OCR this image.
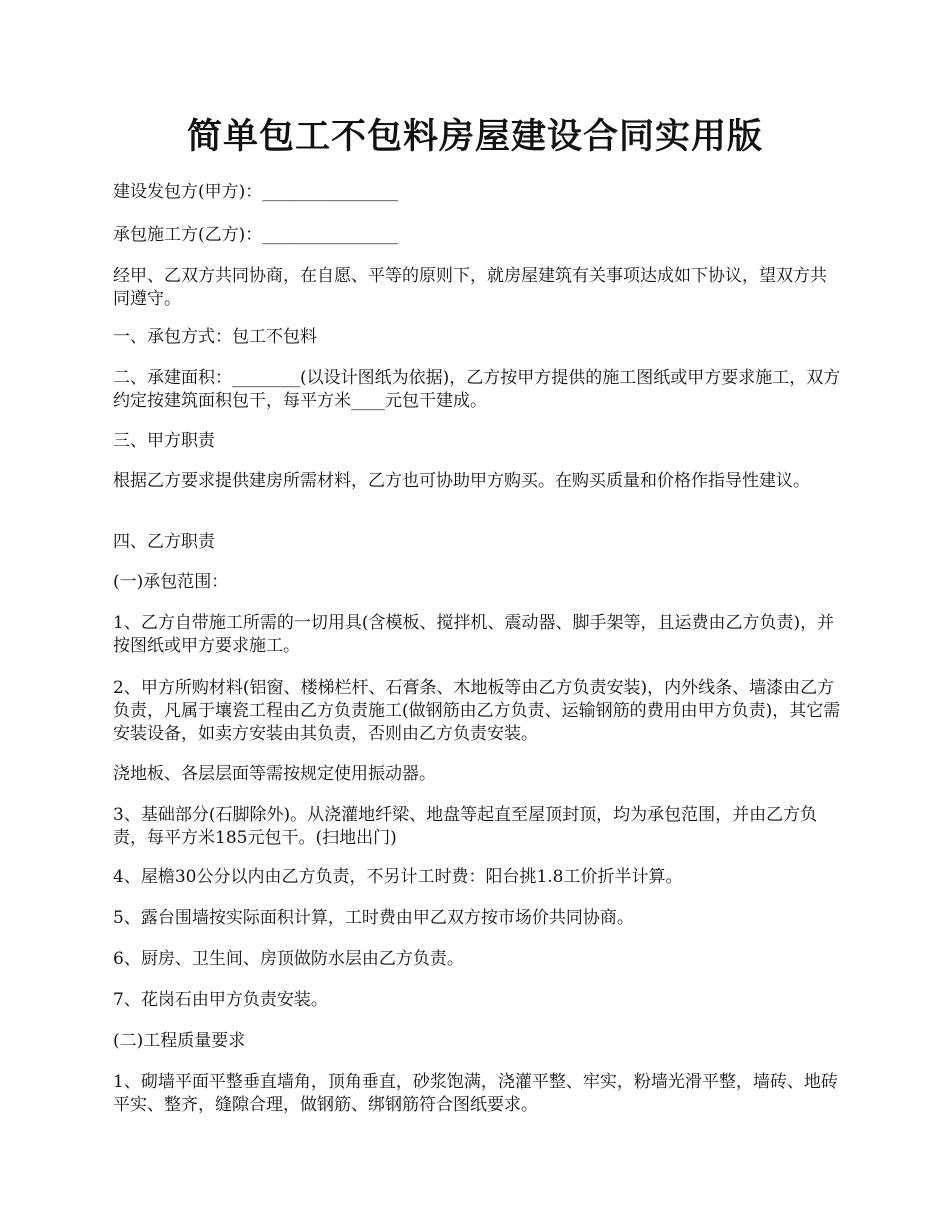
简单包工不包料房屋建设合同实用版

建设发包方(甲方)：________________

承包施工方(乙方)：________________

经甲、乙双方共同协商，在自愿、平等的原则下，就房屋建筑有关事项达成如下协议，望双方共同遵守。

一、承包方式：包工不包料

二、承建面积：________(以设计图纸为依据)，乙方按甲方提供的施工图纸或甲方要求施工，双方约定按建筑面积包干，每平方米____元包干建成。

三、甲方职责

根据乙方要求提供建房所需材料，乙方也可协助甲方购买。在购买质量和价格作指导性建议。

四、乙方职责

(一)承包范围：

1、乙方自带施工所需的一切用具(含模板、搅拌机、震动器、脚手架等，且运费由乙方负责)，并按图纸或甲方要求施工。

2、甲方所购材料(铝窗、楼梯栏杆、石膏条、木地板等由乙方负责安装)，内外线条、墙漆由乙方负责，凡属于壤瓷工程由乙方负责施工(做钢筋由乙方负责、运输钢筋的费用由甲方负责)，其它需安装设备，如卖方安装由其负责，否则由乙方负责安装。

浇地板、各层层面等需按规定使用振动器。

3、基础部分(石脚除外)。从浇灌地纤梁、地盘等起直至屋顶封顶，均为承包范围，并由乙方负责，每平方米185元包干。(扫地出门)

4、屋檐30公分以内由乙方负责，不另计工时费：阳台挑1.8工价折半计算。

5、露台围墙按实际面积计算，工时费由甲乙双方按市场价共同协商。

6、厨房、卫生间、房顶做防水层由乙方负责。

7、花岗石由甲方负责安装。

(二)工程质量要求

1、砌墙平面平整垂直墙角，顶角垂直，砂浆饱满，浇灌平整、牢实，粉墙光滑平整，墙砖、地砖平实、整齐，缝隙合理，做钢筋、绑钢筋符合图纸要求。
